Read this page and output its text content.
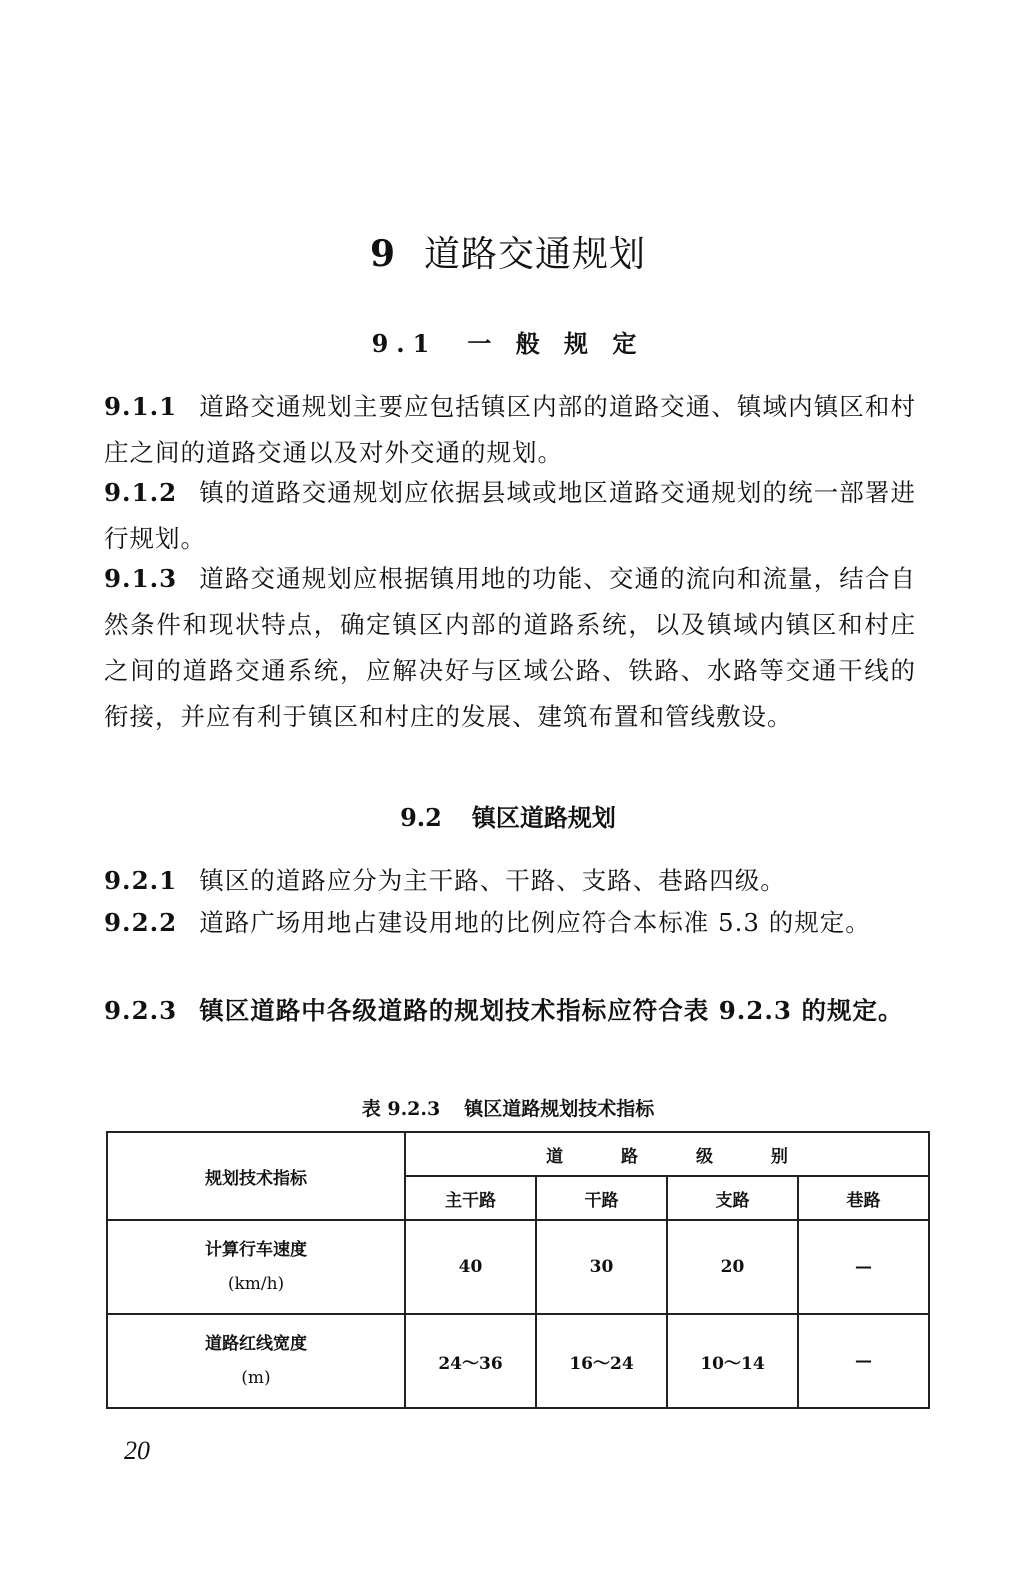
9 道路交通规划
9.1 一 般 规 定
9.1.1 道路交通规划主要应包括镇区内部的道路交通、镇域内镇区和村庄之间的道路交通以及对外交通的规划。
9.1.2 镇的道路交通规划应依据县域或地区道路交通规划的统一部署进行规划。
9.1.3 道路交通规划应根据镇用地的功能、交通的流向和流量，结合自然条件和现状特点，确定镇区内部的道路系统，以及镇域内镇区和村庄之间的道路交通系统，应解决好与区域公路、铁路、水路等交通干线的衔接，并应有利于镇区和村庄的发展、建筑布置和管线敷设。
9.2 镇区道路规划
9.2.1 镇区的道路应分为主干路、干路、支路、巷路四级。
9.2.2 道路广场用地占建设用地的比例应符合本标准 5.3 的规定。
9.2.3 镇区道路中各级道路的规划技术指标应符合表 9.2.3 的规定。
表 9.2.3 镇区道路规划技术指标
规划技术指标	道 路 级 别			
	主干路	干路	支路	巷路

计算行车速度
(km/h)	40	30	20	—

道路红线宽度
(m)	24～36	16～24	10～14	—
20
